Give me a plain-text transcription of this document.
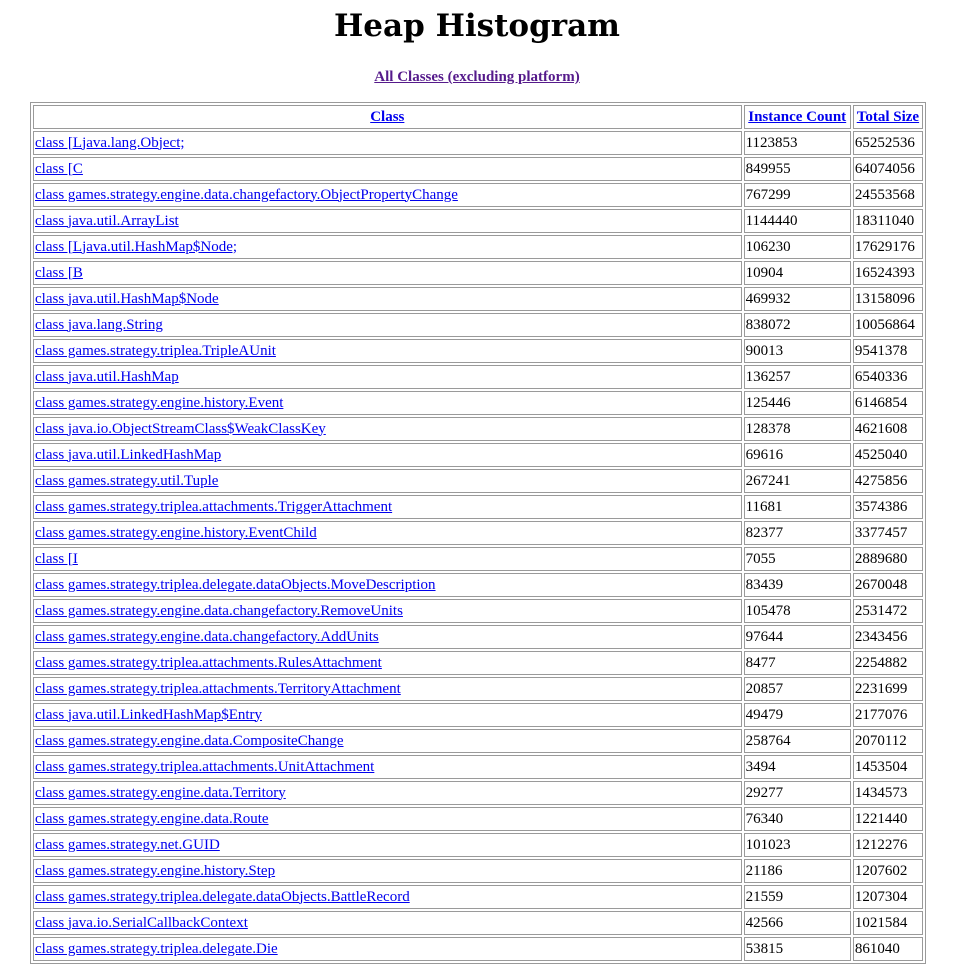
Heap Histogram
All Classes (excluding platform)
Class	Instance Count	Total Size
class [Ljava.lang.Object;	1123853	65252536
class [C	849955	64074056
class games.strategy.engine.data.changefactory.ObjectPropertyChange	767299	24553568
class java.util.ArrayList	1144440	18311040
class [Ljava.util.HashMap$Node;	106230	17629176
class [B	10904	16524393
class java.util.HashMap$Node	469932	13158096
class java.lang.String	838072	10056864
class games.strategy.triplea.TripleAUnit	90013	9541378
class java.util.HashMap	136257	6540336
class games.strategy.engine.history.Event	125446	6146854
class java.io.ObjectStreamClass$WeakClassKey	128378	4621608
class java.util.LinkedHashMap	69616	4525040
class games.strategy.util.Tuple	267241	4275856
class games.strategy.triplea.attachments.TriggerAttachment	11681	3574386
class games.strategy.engine.history.EventChild	82377	3377457
class [I	7055	2889680
class games.strategy.triplea.delegate.dataObjects.MoveDescription	83439	2670048
class games.strategy.engine.data.changefactory.RemoveUnits	105478	2531472
class games.strategy.engine.data.changefactory.AddUnits	97644	2343456
class games.strategy.triplea.attachments.RulesAttachment	8477	2254882
class games.strategy.triplea.attachments.TerritoryAttachment	20857	2231699
class java.util.LinkedHashMap$Entry	49479	2177076
class games.strategy.engine.data.CompositeChange	258764	2070112
class games.strategy.triplea.attachments.UnitAttachment	3494	1453504
class games.strategy.engine.data.Territory	29277	1434573
class games.strategy.engine.data.Route	76340	1221440
class games.strategy.net.GUID	101023	1212276
class games.strategy.engine.history.Step	21186	1207602
class games.strategy.triplea.delegate.dataObjects.BattleRecord	21559	1207304
class java.io.SerialCallbackContext	42566	1021584
class games.strategy.triplea.delegate.Die	53815	861040
